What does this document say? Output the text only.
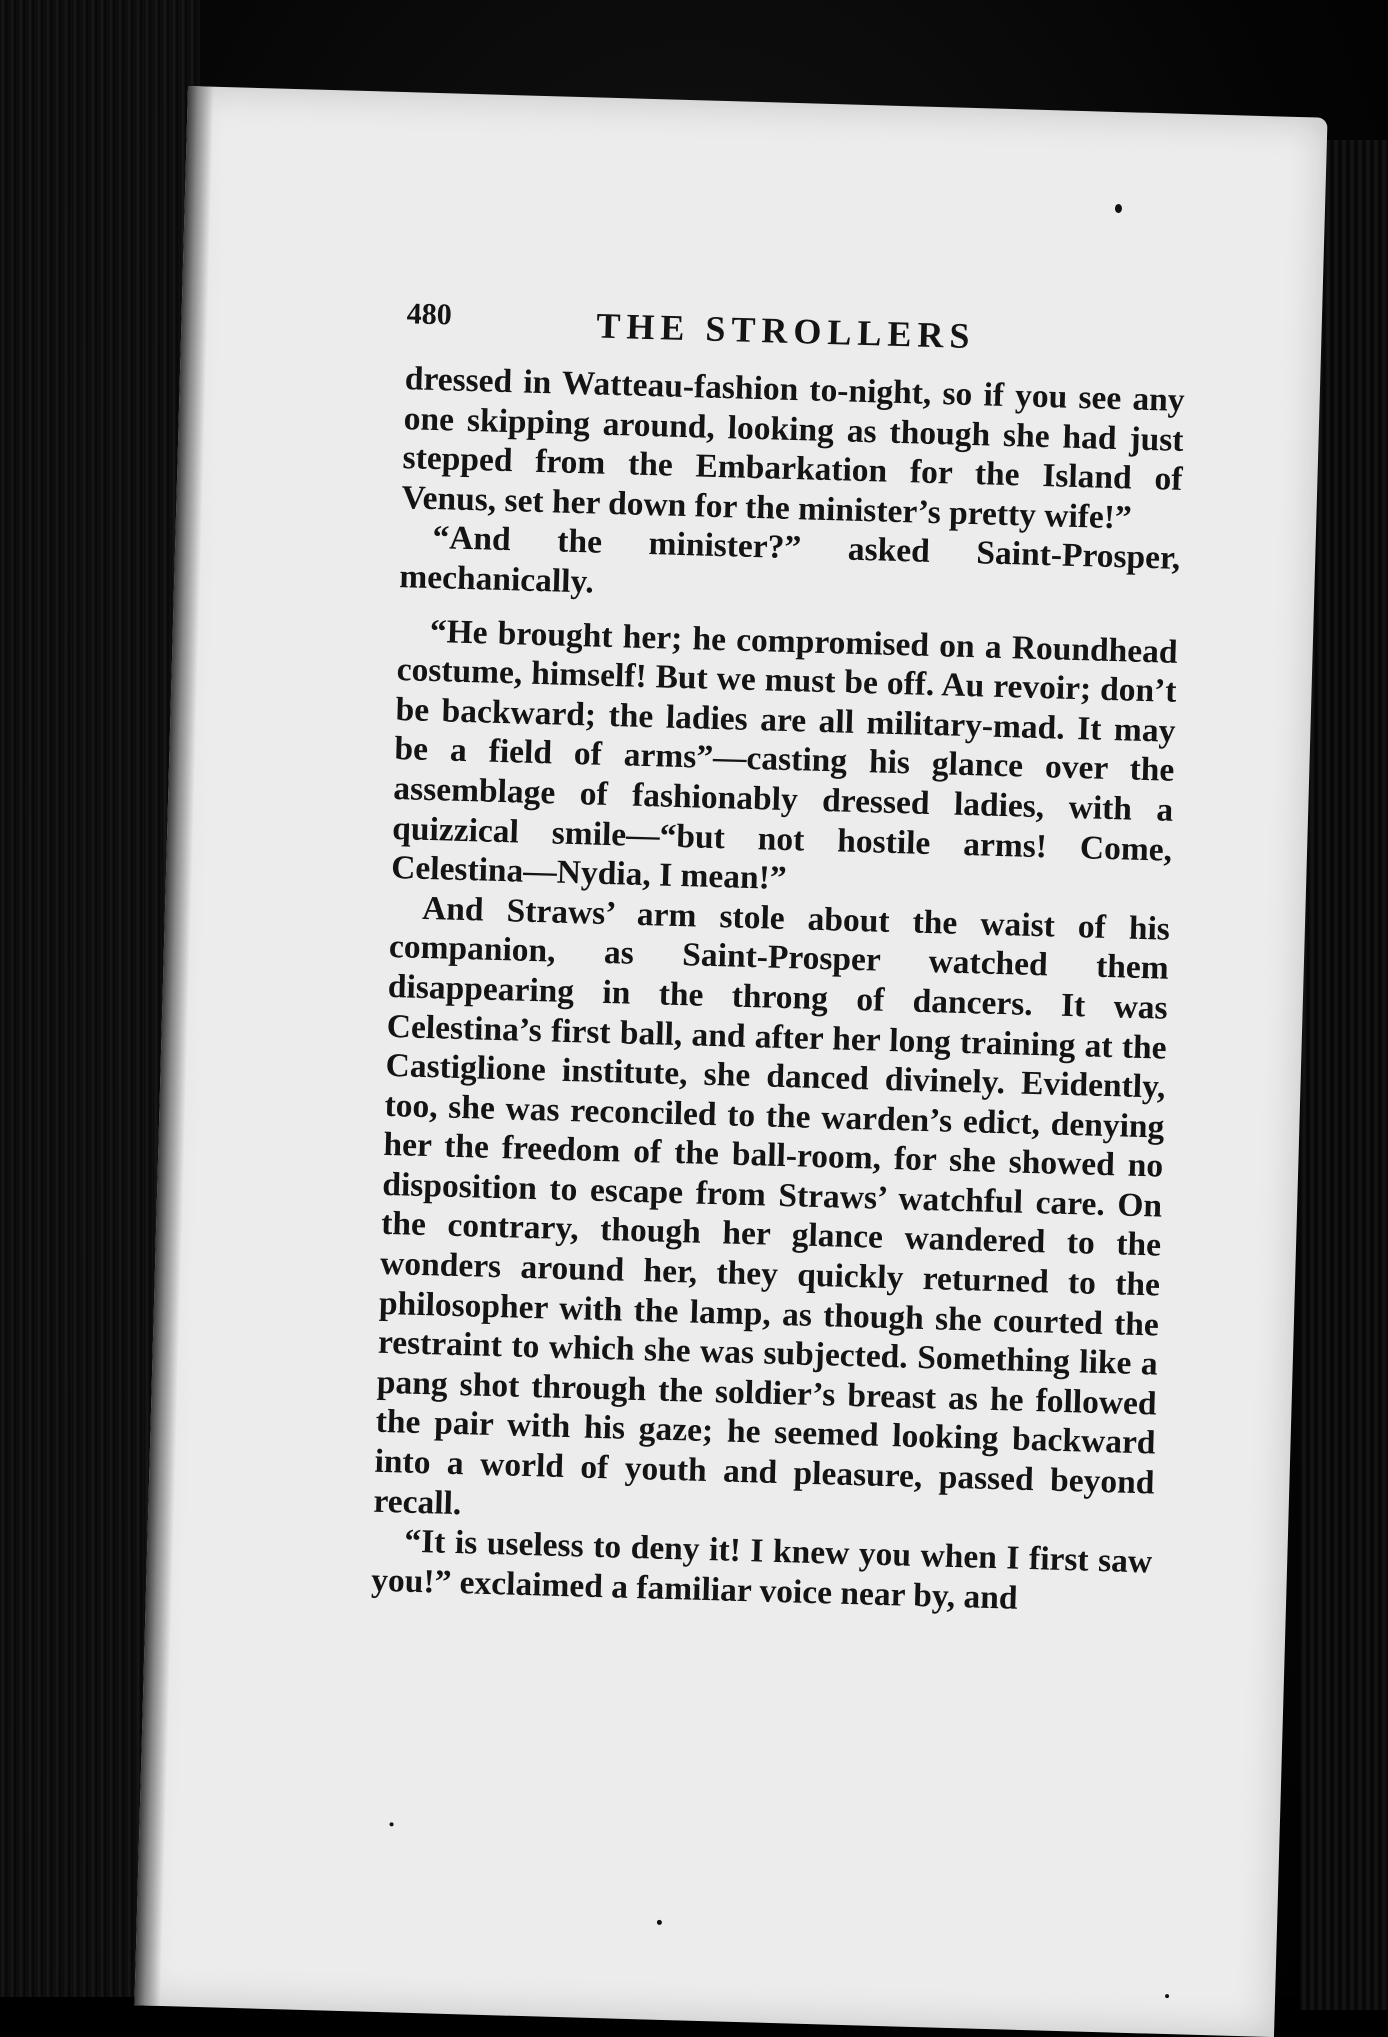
480	THE STROLLERS

dressed in Watteau-fashion to-night, so if you see any one skipping around, looking as though she had just stepped from the Embarkation for the Island of Venus, set her down for the minister’s pretty wife!”

“And the minister?” asked Saint-Prosper, mechanically.

“He brought her; he compromised on a Roundhead costume, himself! But we must be off. Au revoir; don’t be backward; the ladies are all military-mad. It may be a field of arms”—casting his glance over the assemblage of fashionably dressed ladies, with a quizzical smile—“but not hostile arms! Come, Celestina—Nydia, I mean!”

And Straws’ arm stole about the waist of his companion, as Saint-Prosper watched them disappearing in the throng of dancers. It was Celestina’s first ball, and after her long training at the Castiglione institute, she danced divinely. Evidently, too, she was reconciled to the warden’s edict, denying her the freedom of the ball-room, for she showed no disposition to escape from Straws’ watchful care. On the contrary, though her glance wandered to the wonders around her, they quickly returned to the philosopher with the lamp, as though she courted the restraint to which she was subjected. Something like a pang shot through the soldier’s breast as he followed the pair with his gaze; he seemed looking backward into a world of youth and pleasure, passed beyond recall.

“It is useless to deny it! I knew you when I first saw you!” exclaimed a familiar voice near by, and
